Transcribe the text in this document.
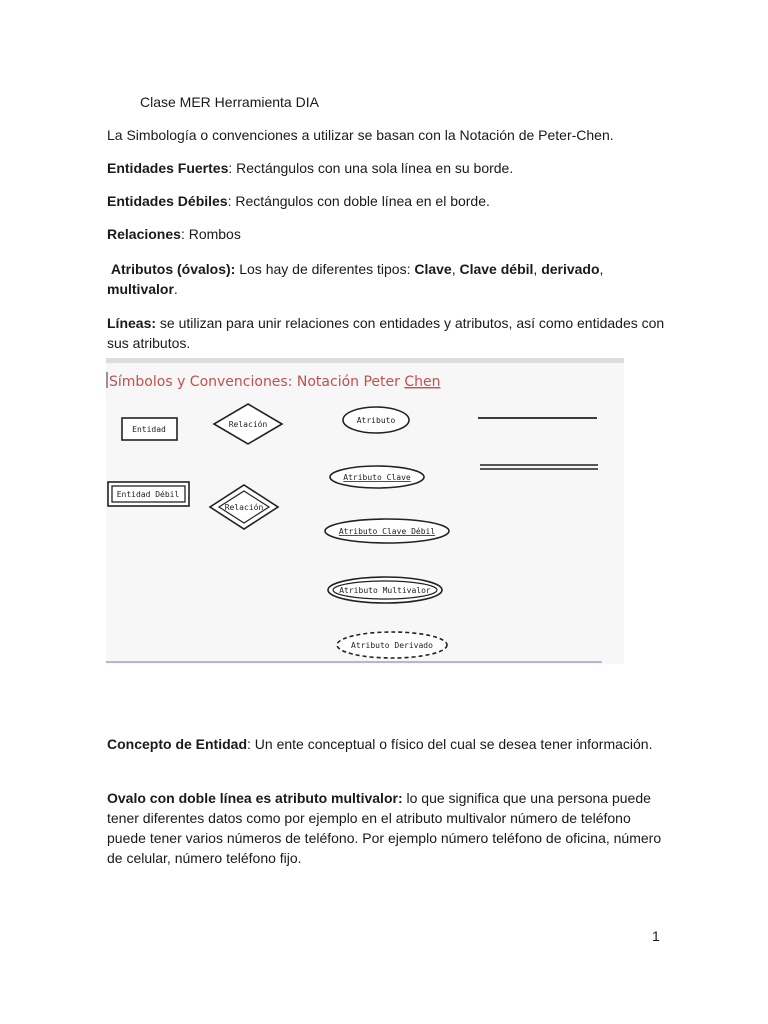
Clase MER Herramienta DIA
La Simbología o convenciones a utilizar se basan con la Notación de Peter-Chen.
Entidades Fuertes: Rectángulos con una sola línea en su borde.
Entidades Débiles: Rectángulos con doble línea en el borde.
Relaciones: Rombos
Atributos (óvalos): Los hay de diferentes tipos: Clave, Clave débil, derivado, multivalor.
Líneas: se utilizan para unir relaciones con entidades y atributos, así como entidades con sus atributos.
Símbolos y Convenciones: Notación Peter Chen
Entidad
Entidad Débil
Relación
Relación
Atributo
Atributo Clave
Atributo Clave Débil
Atributo Multivalor
Atributo Derivado
Concepto de Entidad: Un ente conceptual o físico del cual se desea tener información.
Ovalo con doble línea es atributo multivalor: lo que significa que una persona puede tener diferentes datos como por ejemplo en el atributo multivalor número de teléfono puede tener varios números de teléfono. Por ejemplo número teléfono de oficina, número de celular, número teléfono fijo.
1
